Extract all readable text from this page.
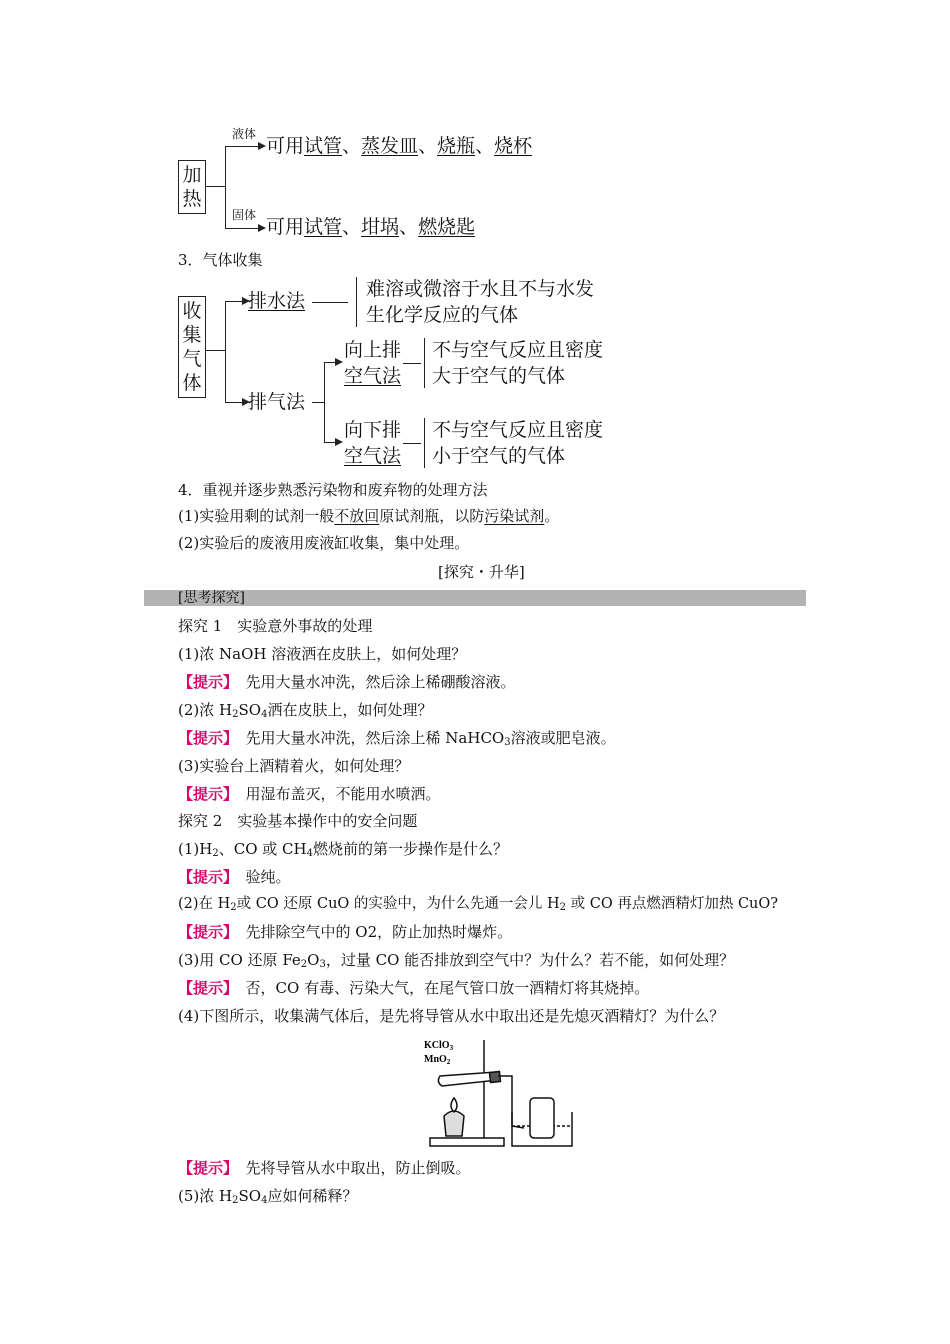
加热
液体
固体
可用试管、蒸发皿、烧瓶、烧杯
可用试管、坩埚、燃烧匙
3．气体收集
收集气体
排水法
难溶或微溶于水且不与水发
生化学反应的气体
排气法
向上排
空气法
不与空气反应且密度
大于空气的气体
向下排
空气法
不与空气反应且密度
小于空气的气体
4．重视并逐步熟悉污染物和废弃物的处理方法
(1)实验用剩的试剂一般不放回原试剂瓶，以防污染试剂。
(2)实验后的废液用废液缸收集，集中处理。
[探究・升华]
[思考探究]
探究 1　实验意外事故的处理
(1)浓 NaOH 溶液洒在皮肤上，如何处理？
【提示】　 先用大量水冲洗，然后涂上稀硼酸溶液。
(2)浓 $H_2SO_4$洒在皮肤上，如何处理？
【提示】　 先用大量水冲洗，然后涂上稀 NaHCO$_3$溶液或肥皂液。
(3)实验台上酒精着火，如何处理？
【提示】　 用湿布盖灭，不能用水喷洒。
探究 2　实验基本操作中的安全问题
$(1)H_2$、CO 或 $CH_4$燃烧前的第一步操作是什么？
【提示】　 验纯。
(2)在 $H_2$或 CO 还原 CuO 的实验中，为什么先通一会儿 $H_2$ 或 CO 再点燃酒精灯加热 CuO?
【提示】　 先排除空气中的 O2，防止加热时爆炸。
(3)用 CO 还原 $Fe_2O_3$，过量 CO 能否排放到空气中？为什么？若不能，如何处理？
【提示】　 否，CO 有毒、污染大气，在尾气管口放一酒精灯将其烧掉。
(4)下图所示，收集满气体后，是先将导管从水中取出还是先熄灭酒精灯？为什么？
KClO$_3$
MnO$_2$
【提示】　 先将导管从水中取出，防止倒吸。
(5)浓 $H_2SO_4$应如何稀释？
